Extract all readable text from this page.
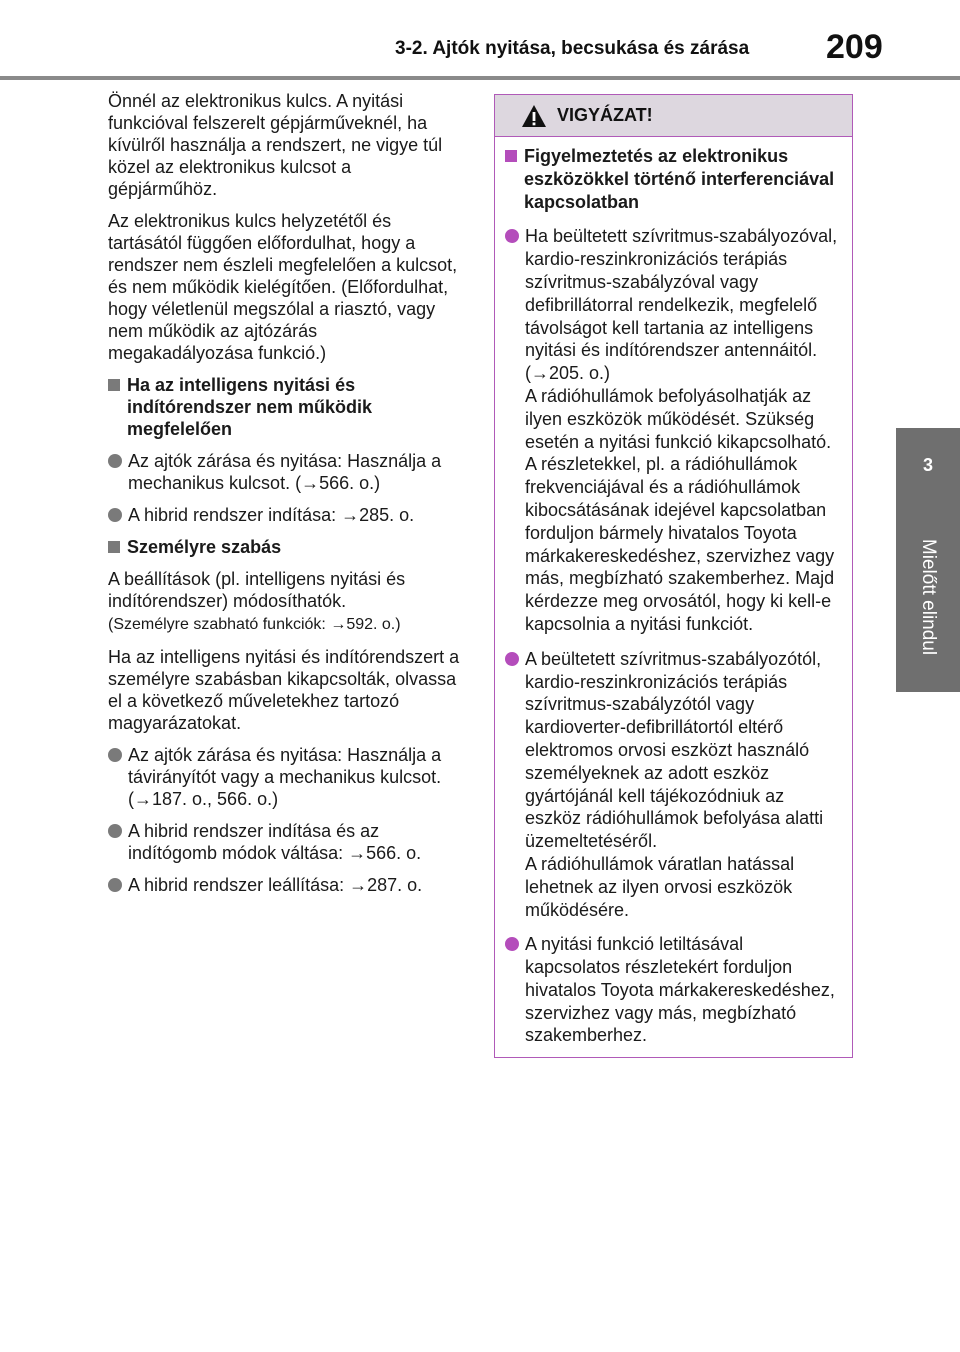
3-2. Ajtók nyitása, becsukása és zárása 209
3
Mielőtt elindul

Önnél az elektronikus kulcs. A nyitási funkcióval felszerelt gépjárműveknél, ha kívülről használja a rendszert, ne vigye túl közel az elektronikus kulcsot a gépjárműhöz.

Az elektronikus kulcs helyzetétől és tartásától függően előfordulhat, hogy a rendszer nem észleli megfelelően a kulcsot, és nem működik kielégítően. (Előfordulhat, hogy véletlenül megszólal a riasztó, vagy nem működik az ajtózárás megakadályozása funkció.)

Ha az intelligens nyitási és indítórendszer nem működik megfelelően
Az ajtók zárása és nyitása: Használja a mechanikus kulcsot. (→566. o.)
A hibrid rendszer indítása: →285. o.
Személyre szabás

A beállítások (pl. intelligens nyitási és indítórendszer) módosíthatók.
(Személyre szabható funkciók: →592. o.)

Ha az intelligens nyitási és indítórendszert a személyre szabásban kikapcsolták, olvassa el a következő műveletekhez tartozó magyarázatokat.

Az ajtók zárása és nyitása: Használja a távirányítót vagy a mechanikus kulcsot. (→187. o., 566. o.)
A hibrid rendszer indítása és az indítógomb módok váltása: →566. o.
A hibrid rendszer leállítása: →287. o.
VIGYÁZAT!
Figyelmeztetés az elektronikus eszközökkel történő interferenciával kapcsolatban
Ha beültetett szívritmus-szabályozóval, kardio-reszinkronizációs terápiás szívritmus-szabályzóval vagy defibrillátorral rendelkezik, megfelelő távolságot kell tartania az intelligens nyitási és indítórendszer antennáitól. (→205. o.)
A rádióhullámok befolyásolhatják az ilyen eszközök működését. Szükség esetén a nyitási funkció kikapcsolható. A részletekkel, pl. a rádióhullámok frekvenciájával és a rádióhullámok kibocsátásának idejével kapcsolatban forduljon bármely hivatalos Toyota márkakereskedéshez, szervizhez vagy más, megbízható szakemberhez. Majd kérdezze meg orvosától, hogy ki kell-e kapcsolnia a nyitási funkciót.
A beültetett szívritmus-szabályozótól, kardio-reszinkronizációs terápiás szívritmus-szabályzótól vagy kardioverter-defibrillátortól eltérő elektromos orvosi eszközt használó személyeknek az adott eszköz gyártójánál kell tájékozódniuk az eszköz rádióhullámok befolyása alatti üzemeltetéséről.
A rádióhullámok váratlan hatással lehetnek az ilyen orvosi eszközök működésére.
A nyitási funkció letiltásával kapcsolatos részletekért forduljon hivatalos Toyota márkakereskedéshez, szervizhez vagy más, megbízható szakemberhez.
